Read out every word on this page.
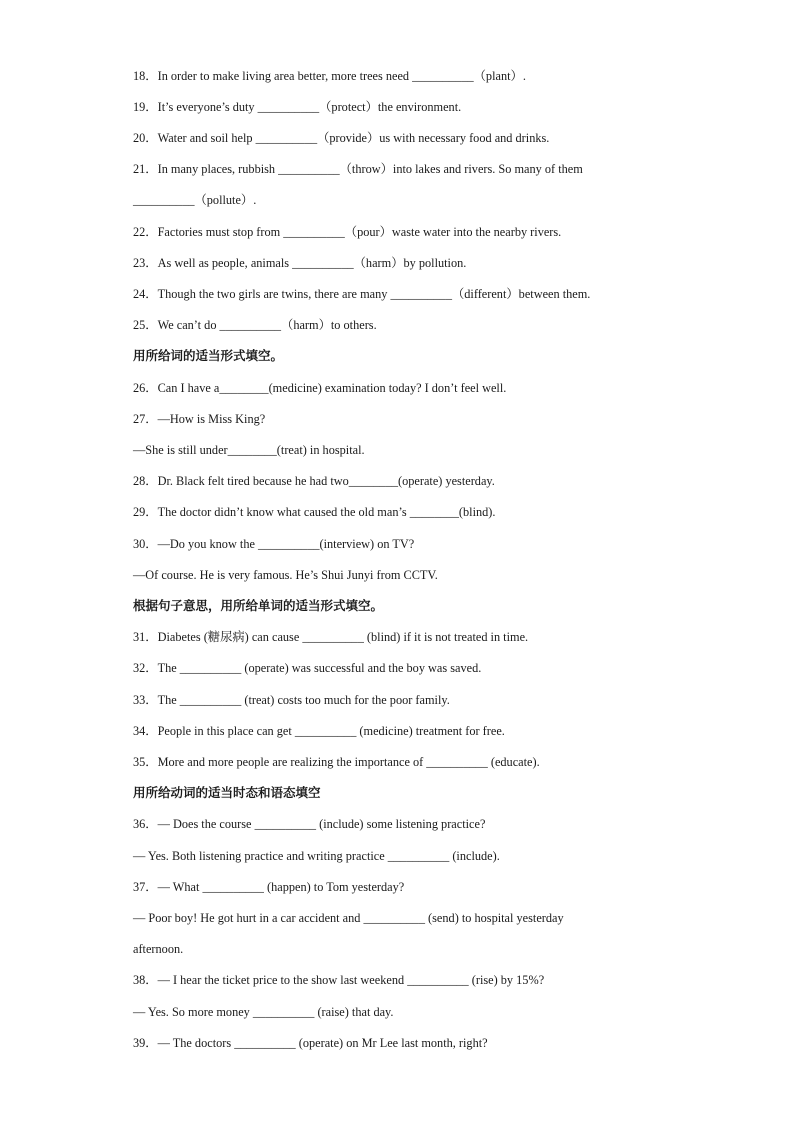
18．In order to make living area better, more trees need __________（plant）.
19．It’s everyone’s duty __________（protect）the environment.
20．Water and soil help __________（provide）us with necessary food and drinks.
21．In many places, rubbish __________（throw）into lakes and rivers. So many of them
__________（pollute）.
22．Factories must stop from __________（pour）waste water into the nearby rivers.
23．As well as people, animals __________（harm）by pollution.
24．Though the two girls are twins, there are many __________（different）between them.
25．We can’t do __________（harm）to others.
用所给词的适当形式填空。
26．Can I have a________(medicine) examination today? I don’t feel well.
27．—How is Miss King?
—She is still under________(treat) in hospital.
28．Dr. Black felt tired because he had two________(operate) yesterday.
29．The doctor didn’t know what caused the old man’s ________(blind).
30．—Do you know the __________(interview) on TV?
—Of course. He is very famous. He’s Shui Junyi from CCTV.
根据句子意思，用所给单词的适当形式填空。
31．Diabetes (糖尿病) can cause __________ (blind) if it is not treated in time.
32．The __________ (operate) was successful and the boy was saved.
33．The __________ (treat) costs too much for the poor family.
34．People in this place can get __________ (medicine) treatment for free.
35．More and more people are realizing the importance of __________ (educate).
用所给动词的适当时态和语态填空
36．— Does the course __________ (include) some listening practice?
— Yes. Both listening practice and writing practice __________ (include).
37．— What __________ (happen) to Tom yesterday?
— Poor boy! He got hurt in a car accident and __________ (send) to hospital yesterday
afternoon.
38．— I hear the ticket price to the show last weekend __________ (rise) by 15%?
— Yes. So more money __________ (raise) that day.
39．— The doctors __________ (operate) on Mr Lee last month, right?
